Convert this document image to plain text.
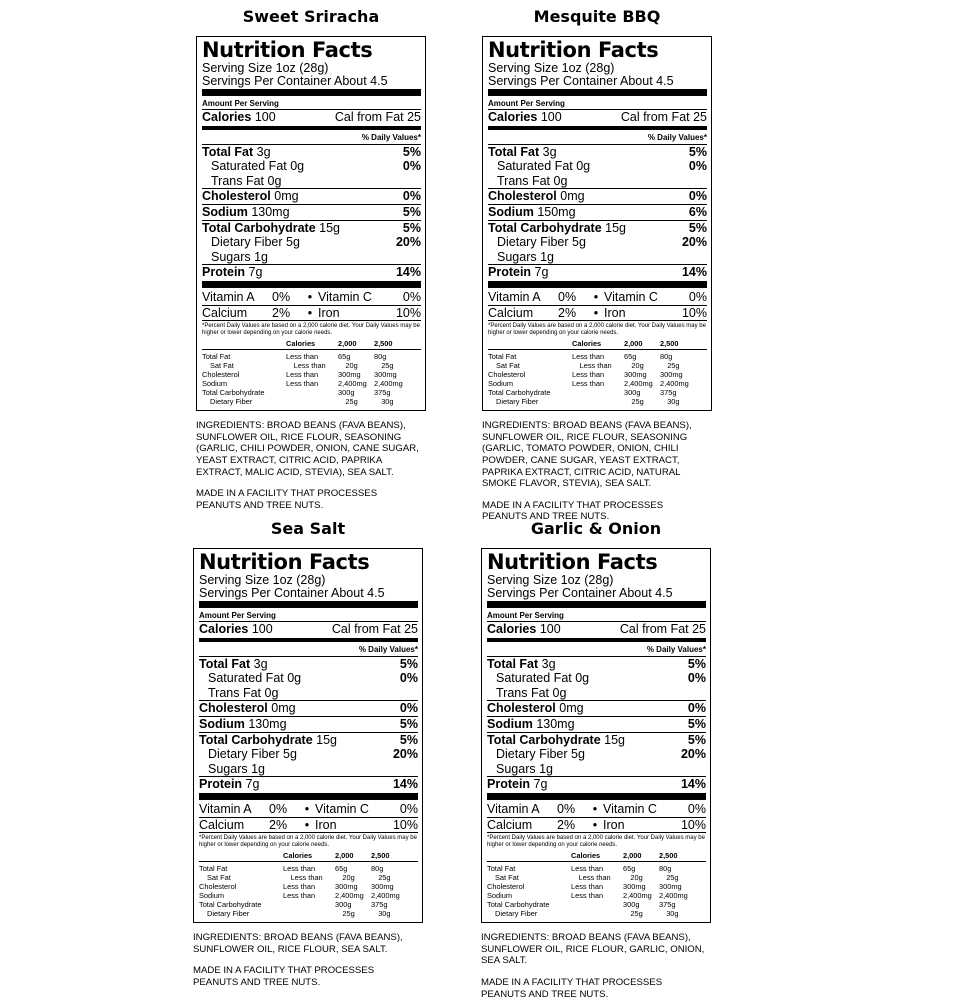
Sweet Sriracha
Nutrition Facts
Serving Size 1oz (28g)
Servings Per Container About 4.5
Amount Per Serving
Calories 100	Cal from Fat 25
% Daily Values*
Total Fat 3g	5%
Saturated Fat 0g	0%
Trans Fat 0g
Cholesterol 0mg	0%
Sodium 130mg	5%
Total Carbohydrate 15g	5%
Dietary Fiber 5g	20%
Sugars 1g
Protein 7g	14%
Vitamin A	0%	• Vitamin C	0%
Calcium	2%	• Iron	10%
*Percent Daily Values are based on a 2,000 calorie diet. Your Daily Values may be higher or lower depending on your calorie needs.
Calories	2,000	2,500
Total Fat	Less than	65g	80g
Sat Fat	Less than	20g	25g
Cholesterol	Less than	300mg	300mg
Sodium	Less than	2,400mg 2,400mg
Total Carbohydrate	300g	375g
Dietary Fiber	25g	30g
INGREDIENTS: BROAD BEANS (FAVA BEANS), SUNFLOWER OIL, RICE FLOUR, SEASONING (GARLIC, CHILI POWDER, ONION, CANE SUGAR, YEAST EXTRACT, CITRIC ACID, PAPRIKA EXTRACT, MALIC ACID, STEVIA), SEA SALT.
MADE IN A FACILITY THAT PROCESSES PEANUTS AND TREE NUTS.
Mesquite BBQ
Nutrition Facts
Serving Size 1oz (28g)
Servings Per Container About 4.5
Amount Per Serving
Calories 100	Cal from Fat 25
% Daily Values*
Total Fat 3g	5%
Saturated Fat 0g	0%
Trans Fat 0g
Cholesterol 0mg	0%
Sodium 150mg	6%
Total Carbohydrate 15g	5%
Dietary Fiber 5g	20%
Sugars 1g
Protein 7g	14%
Vitamin A	0%	• Vitamin C	0%
Calcium	2%	• Iron	10%
*Percent Daily Values are based on a 2,000 calorie diet. Your Daily Values may be higher or lower depending on your calorie needs.
Calories	2,000	2,500
Total Fat	Less than	65g	80g
Sat Fat	Less than	20g	25g
Cholesterol	Less than	300mg	300mg
Sodium	Less than	2,400mg 2,400mg
Total Carbohydrate	300g	375g
Dietary Fiber	25g	30g
INGREDIENTS: BROAD BEANS (FAVA BEANS), SUNFLOWER OIL, RICE FLOUR, SEASONING (GARLIC, TOMATO POWDER, ONION, CHILI POWDER, CANE SUGAR, YEAST EXTRACT, PAPRIKA EXTRACT, CITRIC ACID, NATURAL SMOKE FLAVOR, STEVIA), SEA SALT.
MADE IN A FACILITY THAT PROCESSES PEANUTS AND TREE NUTS.
Sea Salt
Nutrition Facts
Serving Size 1oz (28g)
Servings Per Container About 4.5
Amount Per Serving
Calories 100	Cal from Fat 25
% Daily Values*
Total Fat 3g	5%
Saturated Fat 0g	0%
Trans Fat 0g
Cholesterol 0mg	0%
Sodium 130mg	5%
Total Carbohydrate 15g	5%
Dietary Fiber 5g	20%
Sugars 1g
Protein 7g	14%
Vitamin A	0%	• Vitamin C	0%
Calcium	2%	• Iron	10%
*Percent Daily Values are based on a 2,000 calorie diet. Your Daily Values may be higher or lower depending on your calorie needs.
Calories	2,000	2,500
Total Fat	Less than	65g	80g
Sat Fat	Less than	20g	25g
Cholesterol	Less than	300mg	300mg
Sodium	Less than	2,400mg 2,400mg
Total Carbohydrate	300g	375g
Dietary Fiber	25g	30g
INGREDIENTS: BROAD BEANS (FAVA BEANS), SUNFLOWER OIL, RICE FLOUR, SEA SALT.
MADE IN A FACILITY THAT PROCESSES PEANUTS AND TREE NUTS.
Garlic & Onion
Nutrition Facts
Serving Size 1oz (28g)
Servings Per Container About 4.5
Amount Per Serving
Calories 100	Cal from Fat 25
% Daily Values*
Total Fat 3g	5%
Saturated Fat 0g	0%
Trans Fat 0g
Cholesterol 0mg	0%
Sodium 130mg	5%
Total Carbohydrate 15g	5%
Dietary Fiber 5g	20%
Sugars 1g
Protein 7g	14%
Vitamin A	0%	• Vitamin C	0%
Calcium	2%	• Iron	10%
*Percent Daily Values are based on a 2,000 calorie diet. Your Daily Values may be higher or lower depending on your calorie needs.
Calories	2,000	2,500
Total Fat	Less than	65g	80g
Sat Fat	Less than	20g	25g
Cholesterol	Less than	300mg	300mg
Sodium	Less than	2,400mg 2,400mg
Total Carbohydrate	300g	375g
Dietary Fiber	25g	30g
INGREDIENTS: BROAD BEANS (FAVA BEANS), SUNFLOWER OIL, RICE FLOUR, GARLIC, ONION, SEA SALT.
MADE IN A FACILITY THAT PROCESSES PEANUTS AND TREE NUTS.
